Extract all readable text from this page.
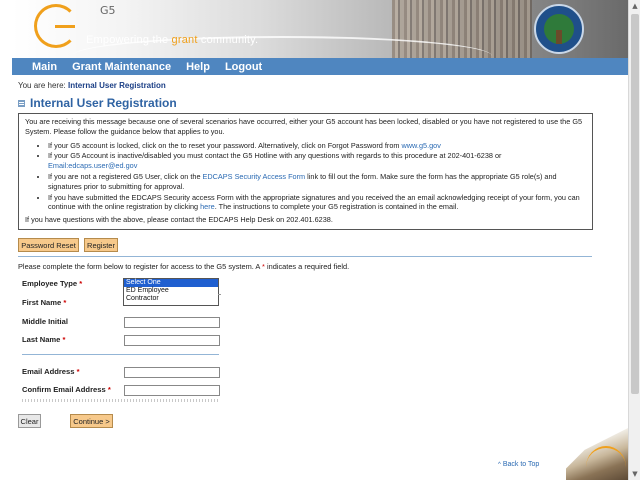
G5
Empowering the grant community.
Main Grant Maintenance Help Logout
You are here: Internal User Registration
Internal User Registration
You are receiving this message because one of several scenarios have occurred, either your G5 account has been locked, disabled or you have not registered to use the G5 System. Please follow the guidance below that applies to you.
• If your G5 account is locked, click on the to reset your password. Alternatively, click on Forgot Password from www.g5.gov
• If your G5 Account is inactive/disabled you must contact the G5 Hotline with any questions with regards to this procedure at 202-401-6238 or Email:edcaps.user@ed.gov
• If you are not a registered G5 User, click on the EDCAPS Security Access Form link to fill out the form. Make sure the form has the appropriate G5 role(s) and signatures prior to submitting for approval.
• If you have submitted the EDCAPS Security access Form with the appropriate signatures and you received the an email acknowledging receipt of your form, you can continue with the online registration by clicking here. The instructions to complete your G5 registration is contained in the email.
If you have questions with the above, please contact the EDCAPS Help Desk on 202.401.6238.
Password Reset	Register
Please complete the form below to register for access to the G5 system. A * indicates a required field.
Employee Type *	Select One
ED Employee
Contractor
First Name *
Middle Initial
Last Name *
Email Address *
Confirm Email Address *
Clear	Continue >
^ Back to Top
▲
▼
